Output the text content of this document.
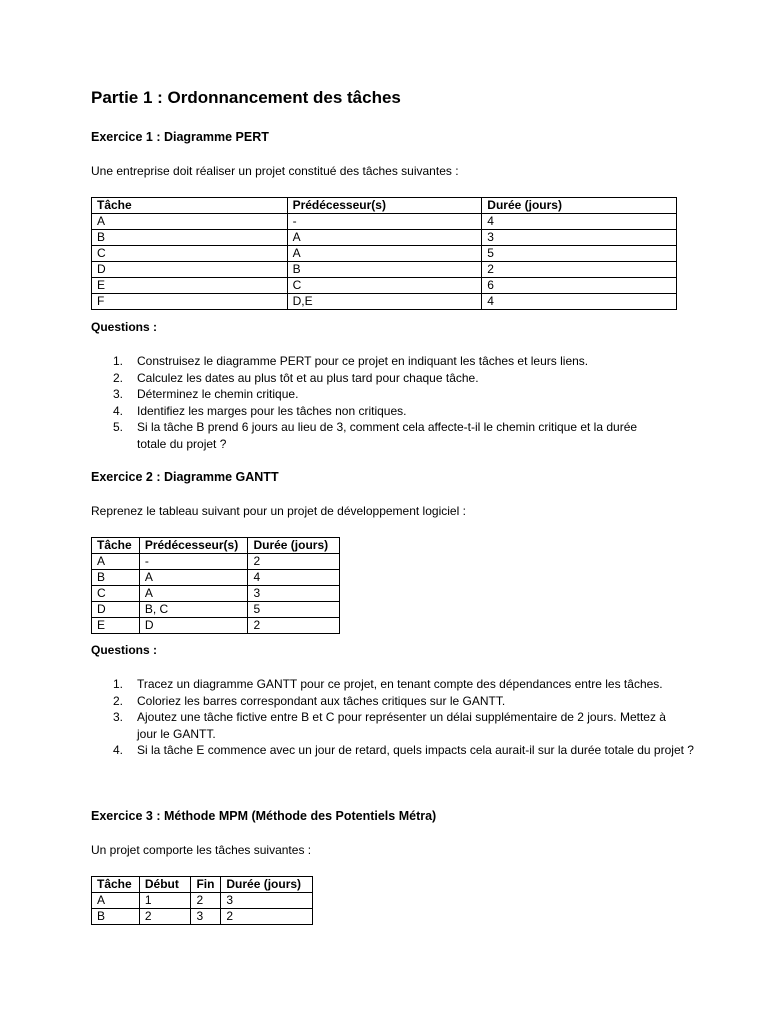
Partie 1 : Ordonnancement des tâches
Exercice 1 : Diagramme PERT

Une entreprise doit réaliser un projet constitué des tâches suivantes :

Tâche	Prédécesseur(s)	Durée (jours)
A	-	4
B	A	3
C	A	5
D	B	2
E	C	6
F	D,E	4

Questions :

1. Construisez le diagramme PERT pour ce projet en indiquant les tâches et leurs liens.
2. Calculez les dates au plus tôt et au plus tard pour chaque tâche.
3. Déterminez le chemin critique.
4. Identifiez les marges pour les tâches non critiques.
5. Si la tâche B prend 6 jours au lieu de 3, comment cela affecte-t-il le chemin critique et la durée totale du projet ?
Exercice 2 : Diagramme GANTT

Reprenez le tableau suivant pour un projet de développement logiciel :

Tâche	Prédécesseur(s)	Durée (jours)
A	-	2
B	A	4
C	A	3
D	B, C	5
E	D	2

Questions :

1. Tracez un diagramme GANTT pour ce projet, en tenant compte des dépendances entre les tâches.
2. Coloriez les barres correspondant aux tâches critiques sur le GANTT.
3. Ajoutez une tâche fictive entre B et C pour représenter un délai supplémentaire de 2 jours. Mettez à jour le GANTT.
4. Si la tâche E commence avec un jour de retard, quels impacts cela aurait-il sur la durée totale du projet ?
Exercice 3 : Méthode MPM (Méthode des Potentiels Métra)

Un projet comporte les tâches suivantes :

Tâche	Début	Fin	Durée (jours)
A	1	2	3
B	2	3	2
